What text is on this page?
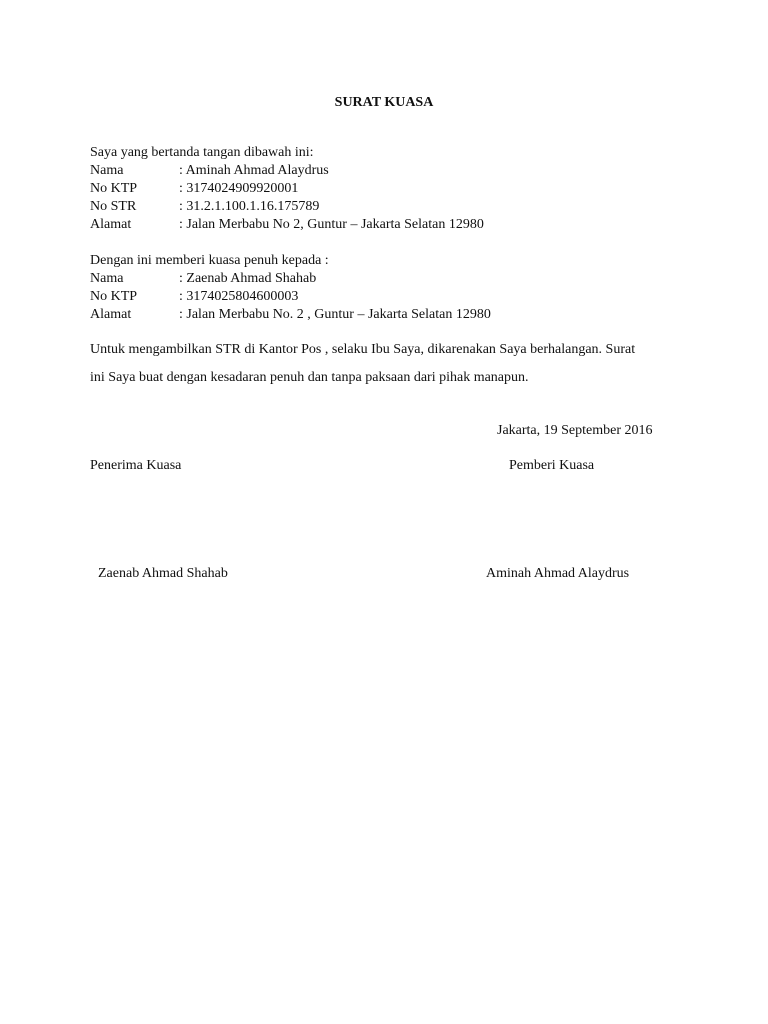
SURAT KUASA
Saya yang bertanda tangan dibawah ini:
Nama	: Aminah Ahmad Alaydrus
No KTP	: 3174024909920001
No STR	: 31.2.1.100.1.16.175789
Alamat	: Jalan Merbabu No 2, Guntur – Jakarta Selatan 12980
Dengan ini memberi kuasa penuh kepada :
Nama	: Zaenab Ahmad Shahab
No KTP	: 3174025804600003
Alamat	: Jalan Merbabu No. 2 , Guntur – Jakarta Selatan 12980
Untuk mengambilkan STR di Kantor Pos , selaku Ibu Saya, dikarenakan Saya berhalangan. Surat
ini Saya buat dengan kesadaran penuh dan tanpa paksaan dari pihak manapun.
Jakarta, 19 September 2016
Penerima Kuasa	Pemberi Kuasa
Zaenab Ahmad Shahab	Aminah Ahmad Alaydrus
